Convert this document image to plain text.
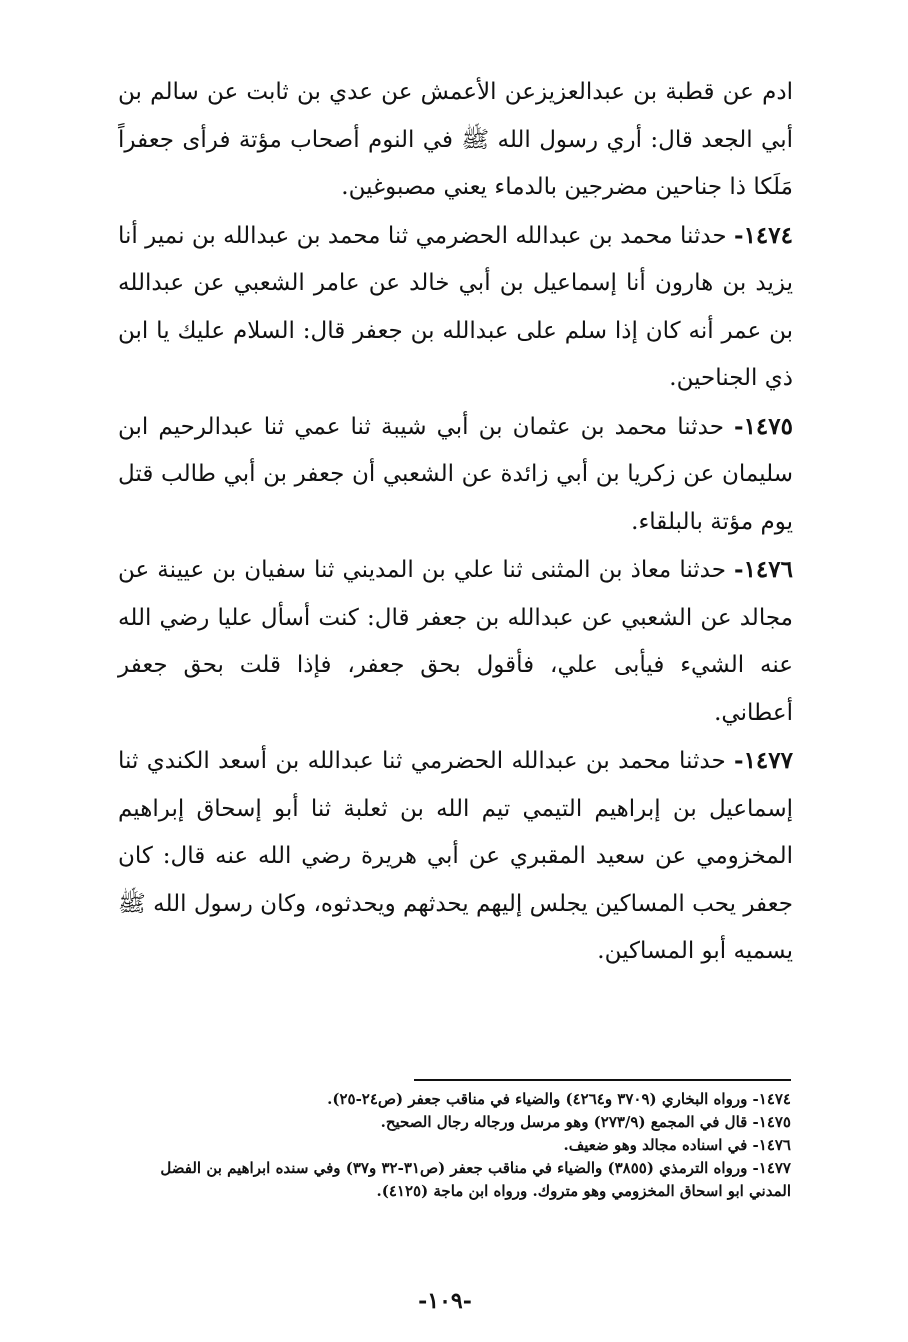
ادم عن قطبة بن عبدالعزيزعن الأعمش عن عدي بن ثابت عن سالم بن أبي الجعد قال: أري رسول الله ﷺ في النوم أصحاب مؤتة فرأى جعفراً مَلَكا ذا جناحين مضرجين بالدماء يعني مصبوغين.

١٤٧٤- حدثنا محمد بن عبدالله الحضرمي ثنا محمد بن عبدالله بن نمير أنا يزيد بن هارون أنا إسماعيل بن أبي خالد عن عامر الشعبي عن عبدالله بن عمر أنه كان إذا سلم على عبدالله بن جعفر قال: السلام عليك يا ابن ذي الجناحين.

١٤٧٥- حدثنا محمد بن عثمان بن أبي شيبة ثنا عمي ثنا عبدالرحيم ابن سليمان عن زكريا بن أبي زائدة عن الشعبي أن جعفر بن أبي طالب قتل يوم مؤتة بالبلقاء.

١٤٧٦- حدثنا معاذ بن المثنى ثنا علي بن المديني ثنا سفيان بن عيينة عن مجالد عن الشعبي عن عبدالله بن جعفر قال: كنت أسأل عليا رضي الله عنه الشيء فيأبى علي، فأقول بحق جعفر، فإذا قلت بحق جعفر أعطاني.

١٤٧٧- حدثنا محمد بن عبدالله الحضرمي ثنا عبدالله بن أسعد الكندي ثنا إسماعيل بن إبراهيم التيمي تيم الله بن ثعلبة ثنا أبو إسحاق إبراهيم المخزومي عن سعيد المقبري عن أبي هريرة رضي الله عنه قال: كان جعفر يحب المساكين يجلس إليهم يحدثهم ويحدثوه، وكان رسول الله ﷺ يسميه أبو المساكين.

١٤٧٤- ورواه البخاري (٣٧٠٩ و٤٢٦٤) والضياء في مناقب جعفر (ص٢٤-٢٥).

١٤٧٥- قال في المجمع (٢٧٣/٩) وهو مرسل ورجاله رجال الصحيح.

١٤٧٦- في اسناده مجالد وهو ضعيف.

١٤٧٧- ورواه الترمذي (٣٨٥٥) والضياء في مناقب جعفر (ص٣١-٣٢ و٣٧) وفي سنده ابراهيم بن الفضل المدني ابو اسحاق المخزومي وهو متروك. ورواه ابن ماجة (٤١٢٥).

-١٠٩-
